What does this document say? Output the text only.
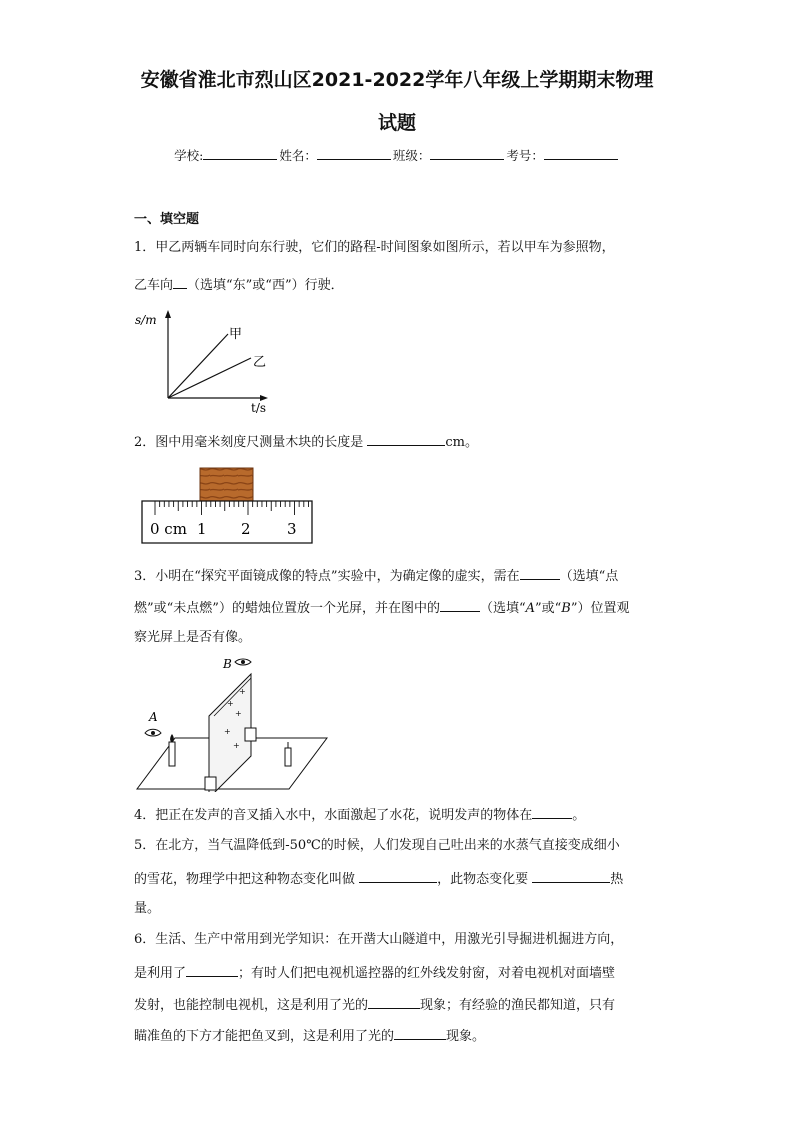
安徽省淮北市烈山区2021-2022学年八年级上学期期末物理
试题
学校:	姓名：	班级：	考号：
一、填空题
1．甲乙两辆车同时向东行驶，它们的路程-时间图象如图所示，若以甲车为参照物，
乙车向 （选填“东”或“西”）行驶．
s/m
t/s
甲
乙
2．图中用毫米刻度尺测量木块的长度是	cm。
0 cm 1 2 3
3．小明在“探究平面镜成像的特点”实验中，为确定像的虚实，需在	（选填“点
燃”或“未点燃”）的蜡烛位置放一个光屏，并在图中的	（选填“A”或“B”）位置观
察光屏上是否有像。
+
+
+
+
+
A
B
4．把正在发声的音叉插入水中，水面激起了水花，说明发声的物体在	。
5．在北方，当气温降低到-50℃的时候，人们发现自己吐出来的水蒸气直接变成细小
的雪花，物理学中把这种物态变化叫做	，此物态变化要	热
量。
6．生活、生产中常用到光学知识：在开凿大山隧道中，用激光引导掘进机掘进方向，
是利用了	；有时人们把电视机遥控器的红外线发射窗，对着电视机对面墙壁
发射，也能控制电视机，这是利用了光的	现象；有经验的渔民都知道，只有
瞄准鱼的下方才能把鱼叉到，这是利用了光的	现象。
